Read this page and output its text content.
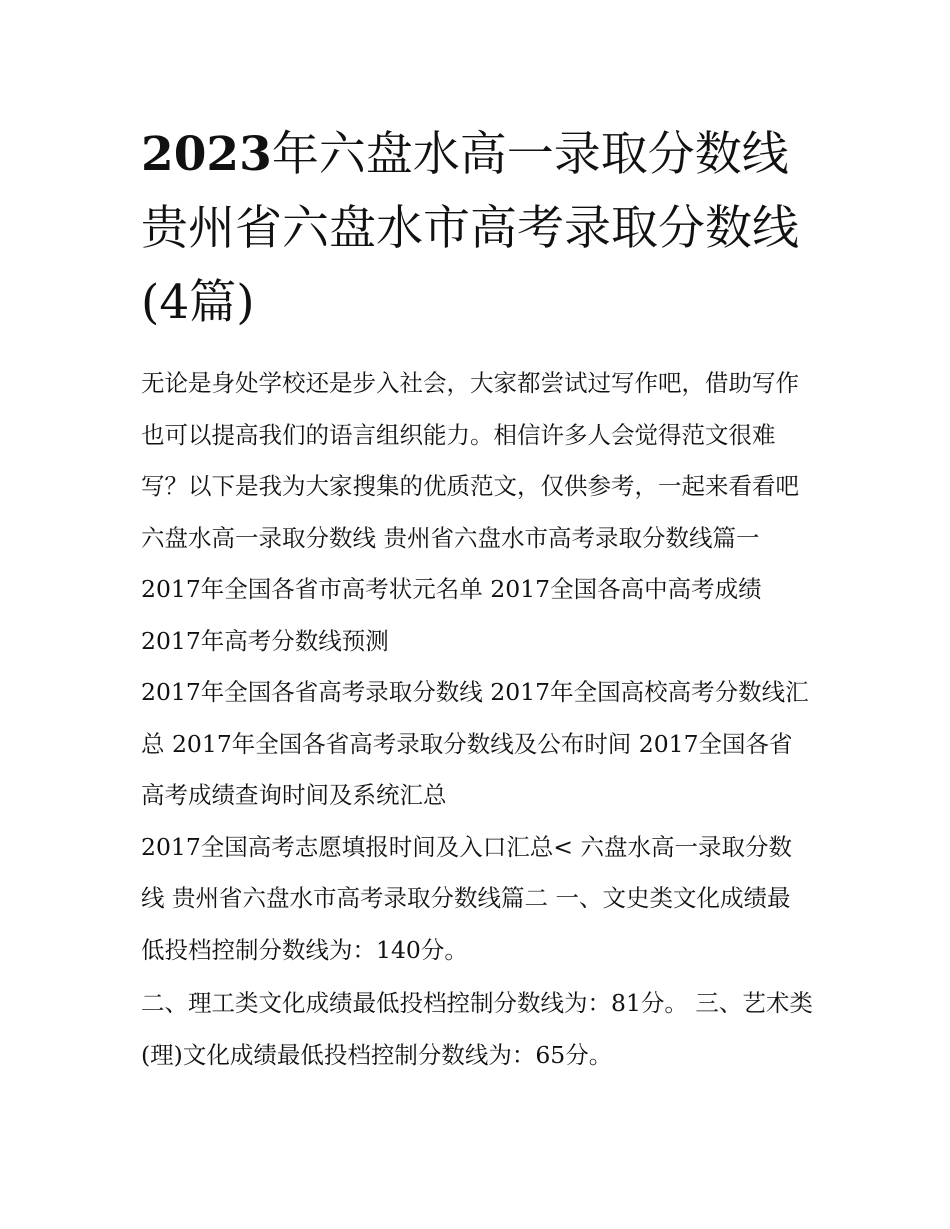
2023年六盘水高一录取分数线贵州省六盘水市高考录取分数线(4篇)

无论是身处学校还是步入社会，大家都尝试过写作吧，借助写作也可以提高我们的语言组织能力。相信许多人会觉得范文很难写？以下是我为大家搜集的优质范文，仅供参考，一起来看看吧

六盘水高一录取分数线 贵州省六盘水市高考录取分数线篇一

2017年全国各省市高考状元名单 2017全国各高中高考成绩

2017年高考分数线预测

2017年全国各省高考录取分数线 2017年全国高校高考分数线汇总 2017年全国各省高考录取分数线及公布时间 2017全国各省高考成绩查询时间及系统汇总

2017全国高考志愿填报时间及入口汇总< 六盘水高一录取分数线 贵州省六盘水市高考录取分数线篇二 一、文史类文化成绩最低投档控制分数线为：140分。

二、理工类文化成绩最低投档控制分数线为：81分。 三、艺术类(理)文化成绩最低投档控制分数线为：65分。
